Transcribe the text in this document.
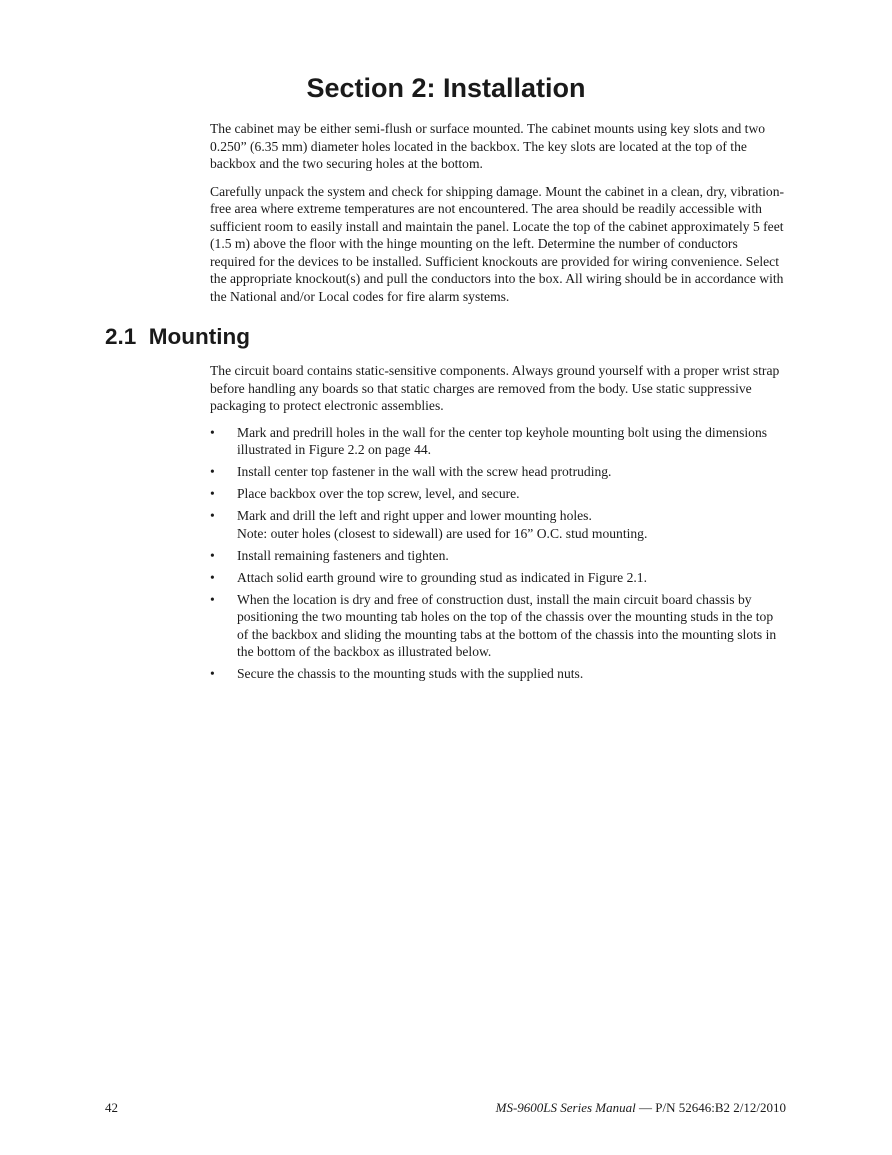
Section 2: Installation

The cabinet may be either semi-flush or surface mounted. The cabinet mounts using key slots and two 0.250” (6.35 mm) diameter holes located in the backbox. The key slots are located at the top of the backbox and the two securing holes at the bottom.

Carefully unpack the system and check for shipping damage. Mount the cabinet in a clean, dry, vibration-free area where extreme temperatures are not encountered. The area should be readily accessible with sufficient room to easily install and maintain the panel. Locate the top of the cabinet approximately 5 feet (1.5 m) above the floor with the hinge mounting on the left. Determine the number of conductors required for the devices to be installed. Sufficient knockouts are provided for wiring convenience. Select the appropriate knockout(s) and pull the conductors into the box. All wiring should be in accordance with the National and/or Local codes for fire alarm systems.

2.1  Mounting

The circuit board contains static-sensitive components. Always ground yourself with a proper wrist strap before handling any boards so that static charges are removed from the body. Use static suppressive packaging to protect electronic assemblies.

• Mark and predrill holes in the wall for the center top keyhole mounting bolt using the dimensions illustrated in Figure 2.2 on page 44.
• Install center top fastener in the wall with the screw head protruding.
• Place backbox over the top screw, level, and secure.
• Mark and drill the left and right upper and lower mounting holes.
Note: outer holes (closest to sidewall) are used for 16” O.C. stud mounting.
• Install remaining fasteners and tighten.
• Attach solid earth ground wire to grounding stud as indicated in Figure 2.1.
• When the location is dry and free of construction dust, install the main circuit board chassis by positioning the two mounting tab holes on the top of the chassis over the mounting studs in the top of the backbox and sliding the mounting tabs at the bottom of the chassis into the mounting slots in the bottom of the backbox as illustrated below.
• Secure the chassis to the mounting studs with the supplied nuts.
42	MS-9600LS Series Manual — P/N 52646:B2 2/12/2010
